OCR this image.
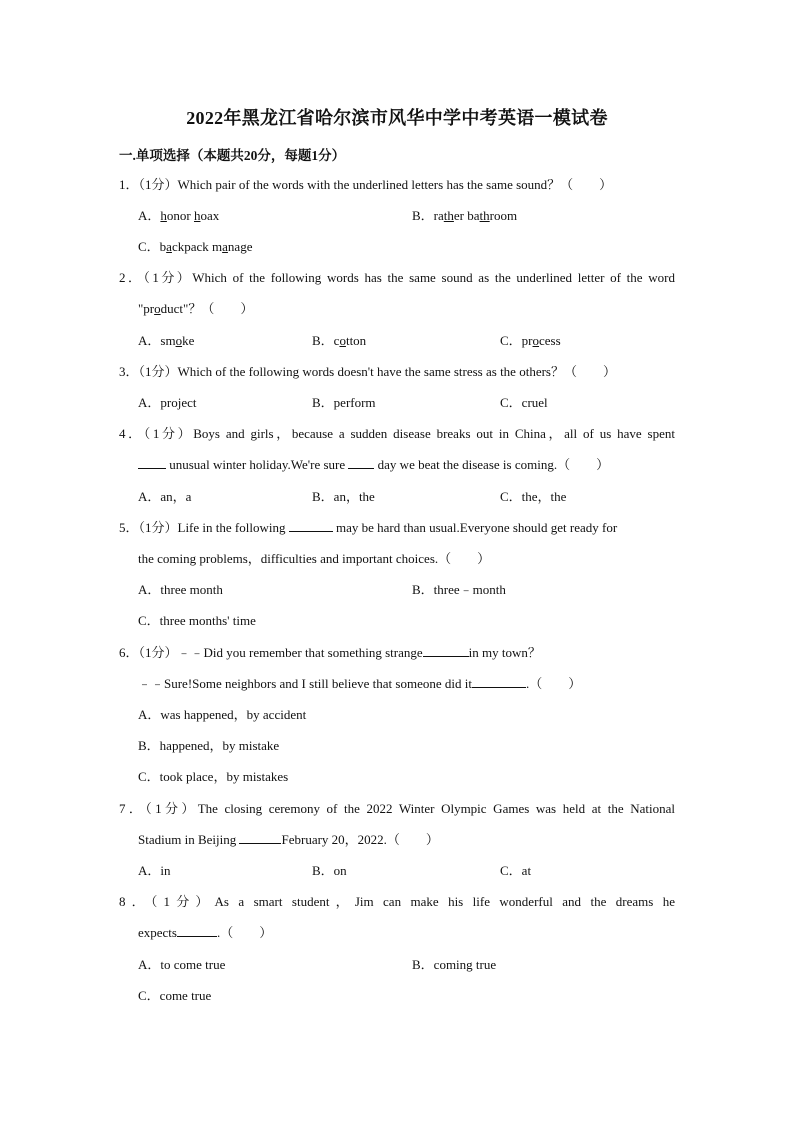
2022年黑龙江省哈尔滨市风华中学中考英语一模试卷
一.单项选择（本题共20分，每题1分）
1．（1分）Which pair of the words with the underlined letters has the same sound？（　　）
A．honor hoax	B．rather bathroom
C．backpack manage
2．（1分）Which of the following words has the same sound as the underlined letter of the word
"product"？（　　）
A．smoke	B．cotton	C．process
3．（1分）Which of the following words doesn't have the same stress as the others？（　　）
A．project	B．perform	C．cruel
4．（1分）Boys and girls，because a sudden disease breaks out in China，all of us have spent
unusual winter holiday.We're sure  day we beat the disease is coming.（　　）
A．an，a	B．an，the	C．the，the
5．（1分）Life in the following	may be hard than usual.Everyone should get ready for
the coming problems，difficulties and important choices.（　　）
A．three month	B．three﹣month
C．three months' time
6．（1分）﹣﹣Did you remember that something strange	in my town？
﹣﹣Sure!Some neighbors and I still believe that someone did it	.（　　）
A．was happened，by accident
B．happened，by mistake
C．took place，by mistakes
7．（1分）The closing ceremony of the 2022 Winter Olympic Games was held at the National
Stadium in Beijing	February 20，2022.（　　）
A．in	B．on	C．at
8．（1分）As a smart student，Jim can make his life wonderful and the dreams he
expects	.（　　）
A．to come true	B．coming true
C．come true
